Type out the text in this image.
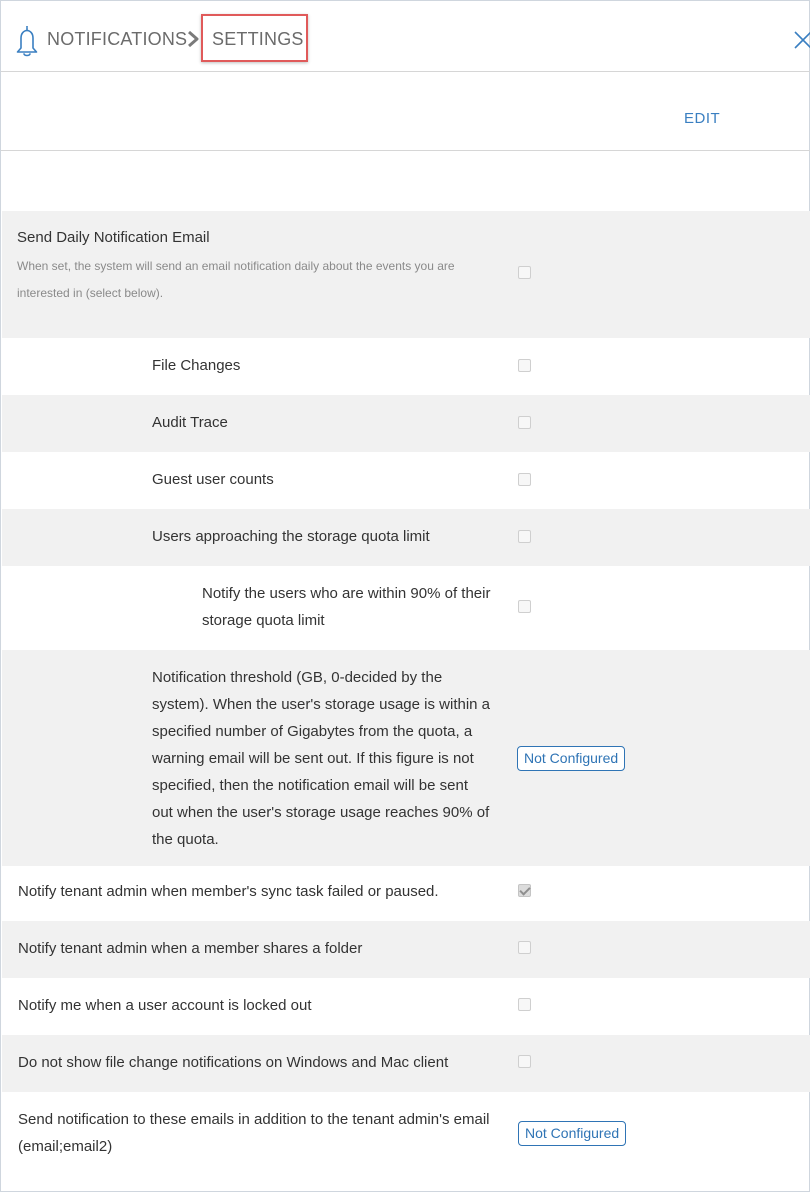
NOTIFICATIONS SETTINGS
EDIT
Send Daily Notification Email
When set, the system will send an email notification daily about the events you are
interested in (select below).
File Changes
Audit Trace
Guest user counts
Users approaching the storage quota limit
Notify the users who are within 90% of their
storage quota limit
Notification threshold (GB, 0-decided by the
system). When the user's storage usage is within a
specified number of Gigabytes from the quota, a
warning email will be sent out. If this figure is not
specified, then the notification email will be sent
out when the user's storage usage reaches 90% of
the quota.
Not Configured
Notify tenant admin when member's sync task failed or paused.
Notify tenant admin when a member shares a folder
Notify me when a user account is locked out
Do not show file change notifications on Windows and Mac client
Send notification to these emails in addition to the tenant admin's email
(email;email2)
Not Configured
